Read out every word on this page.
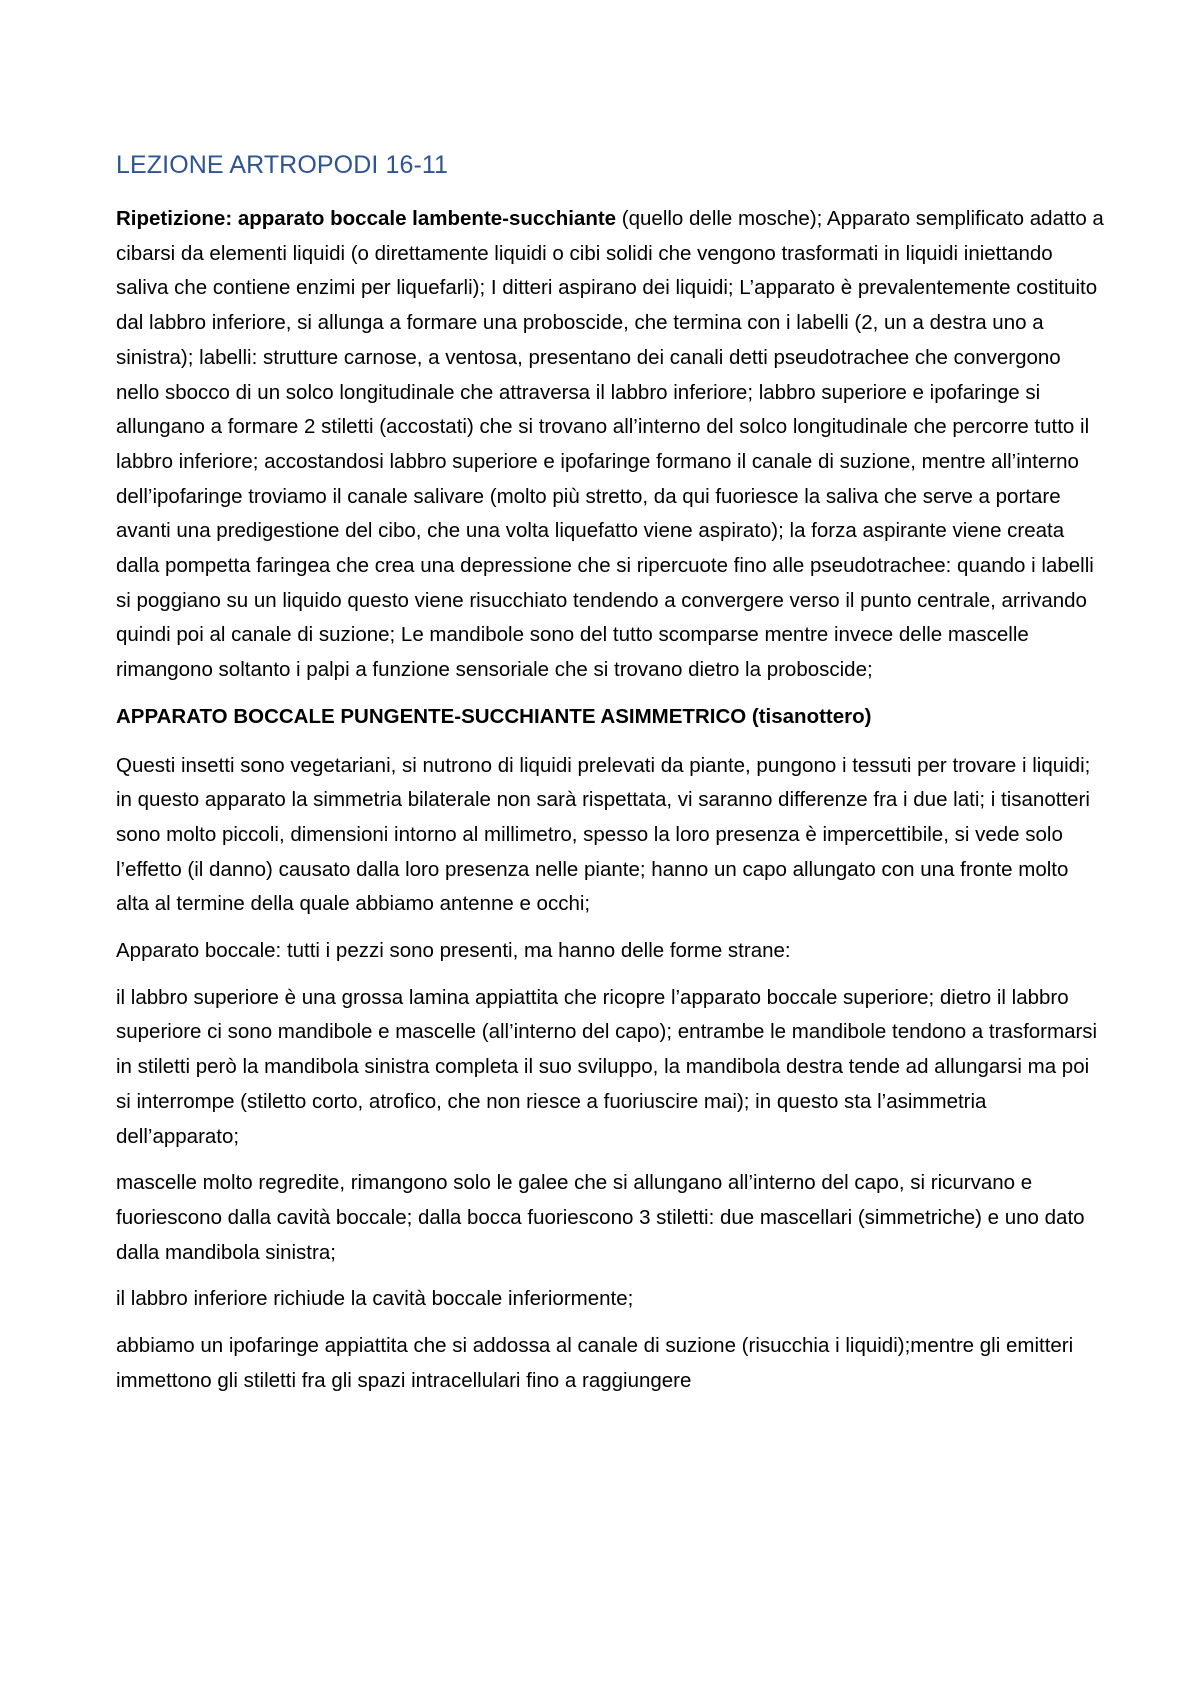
LEZIONE ARTROPODI 16-11

Ripetizione: apparato boccale lambente-succhiante (quello delle mosche); Apparato semplificato adatto a cibarsi da elementi liquidi (o direttamente liquidi o cibi solidi che vengono trasformati in liquidi iniettando saliva che contiene enzimi per liquefarli); I ditteri aspirano dei liquidi; L’apparato è prevalentemente costituito dal labbro inferiore, si allunga a formare una proboscide, che termina con i labelli (2, un a destra uno a sinistra); labelli: strutture carnose, a ventosa, presentano dei canali detti pseudotrachee che convergono nello sbocco di un solco longitudinale che attraversa il labbro inferiore; labbro superiore e ipofaringe si allungano a formare 2 stiletti (accostati) che si trovano all’interno del solco longitudinale che percorre tutto il labbro inferiore; accostandosi labbro superiore e ipofaringe formano il canale di suzione, mentre all’interno dell’ipofaringe troviamo il canale salivare (molto più stretto, da qui fuoriesce la saliva che serve a portare avanti una predigestione del cibo, che una volta liquefatto viene aspirato); la forza aspirante viene creata dalla pompetta faringea che crea una depressione che si ripercuote fino alle pseudotrachee: quando i labelli si poggiano su un liquido questo viene risucchiato tendendo a convergere verso il punto centrale, arrivando quindi poi al canale di suzione; Le mandibole sono del tutto scomparse mentre invece delle mascelle rimangono soltanto i palpi a funzione sensoriale che si trovano dietro la proboscide;

APPARATO BOCCALE PUNGENTE-SUCCHIANTE ASIMMETRICO (tisanottero)

Questi insetti sono vegetariani, si nutrono di liquidi prelevati da piante, pungono i tessuti per trovare i liquidi; in questo apparato la simmetria bilaterale non sarà rispettata, vi saranno differenze fra i due lati; i tisanotteri sono molto piccoli, dimensioni intorno al millimetro, spesso la loro presenza è impercettibile, si vede solo l’effetto (il danno) causato dalla loro presenza nelle piante; hanno un capo allungato con una fronte molto alta al termine della quale abbiamo antenne e occhi;

Apparato boccale: tutti i pezzi sono presenti, ma hanno delle forme strane:

il labbro superiore è una grossa lamina appiattita che ricopre l’apparato boccale superiore; dietro il labbro superiore ci sono mandibole e mascelle (all’interno del capo); entrambe le mandibole tendono a trasformarsi in stiletti però la mandibola sinistra completa il suo sviluppo, la mandibola destra tende ad allungarsi ma poi si interrompe (stiletto corto, atrofico, che non riesce a fuoriuscire mai); in questo sta l’asimmetria dell’apparato;

mascelle molto regredite, rimangono solo le galee che si allungano all’interno del capo, si ricurvano e fuoriescono dalla cavità boccale; dalla bocca fuoriescono 3 stiletti: due mascellari (simmetriche) e uno dato dalla mandibola sinistra;

il labbro inferiore richiude la cavità boccale inferiormente;

abbiamo un ipofaringe appiattita che si addossa al canale di suzione (risucchia i liquidi);mentre gli emitteri immettono gli stiletti fra gli spazi intracellulari fino a raggiungere
